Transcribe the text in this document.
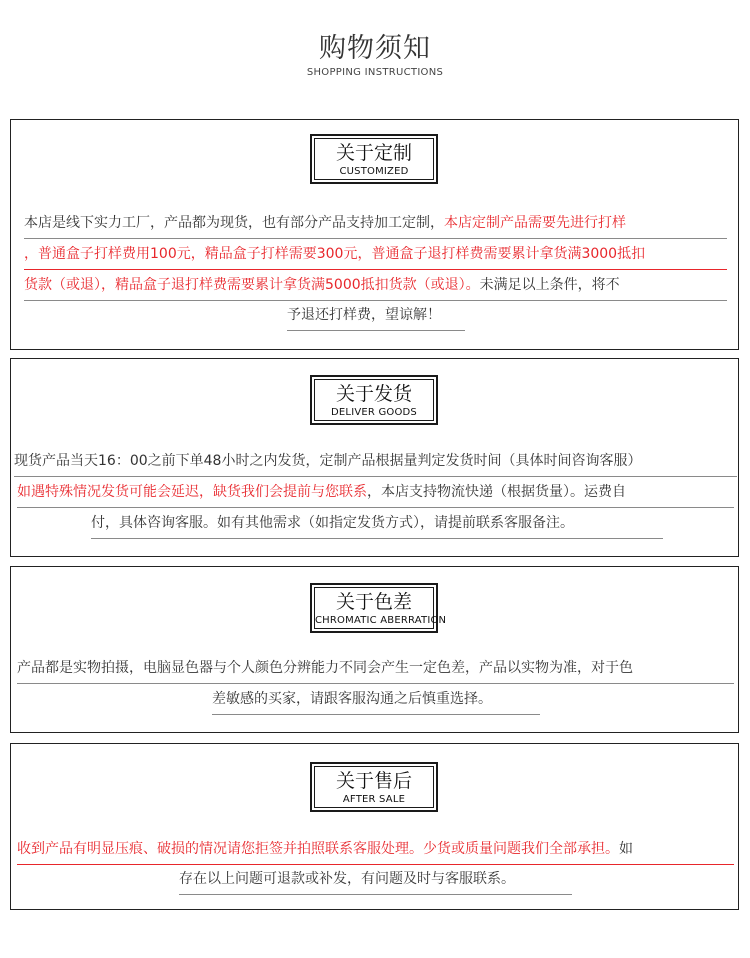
购物须知
SHOPPING INSTRUCTIONS
关于定制
CUSTOMIZED
本店是线下实力工厂，产品都为现货，也有部分产品支持加工定制，本店定制产品需要先进行打样
，普通盒子打样费用100元，精品盒子打样需要300元，普通盒子退打样费需要累计拿货满3000抵扣
货款（或退），精品盒子退打样费需要累计拿货满5000抵扣货款（或退）。未满足以上条件，将不
予退还打样费，望谅解！
关于发货
DELIVER GOODS
现货产品当天16：00之前下单48小时之内发货，定制产品根据量判定发货时间（具体时间咨询客服）
如遇特殊情况发货可能会延迟，缺货我们会提前与您联系，本店支持物流快递（根据货量）。运费自
付，具体咨询客服。如有其他需求（如指定发货方式），请提前联系客服备注。
关于色差
CHROMATIC ABERRATION
产品都是实物拍摄，电脑显色器与个人颜色分辨能力不同会产生一定色差，产品以实物为准，对于色
差敏感的买家，请跟客服沟通之后慎重选择。
关于售后
AFTER SALE
收到产品有明显压痕、破损的情况请您拒签并拍照联系客服处理。少货或质量问题我们全部承担。如
存在以上问题可退款或补发，有问题及时与客服联系。
